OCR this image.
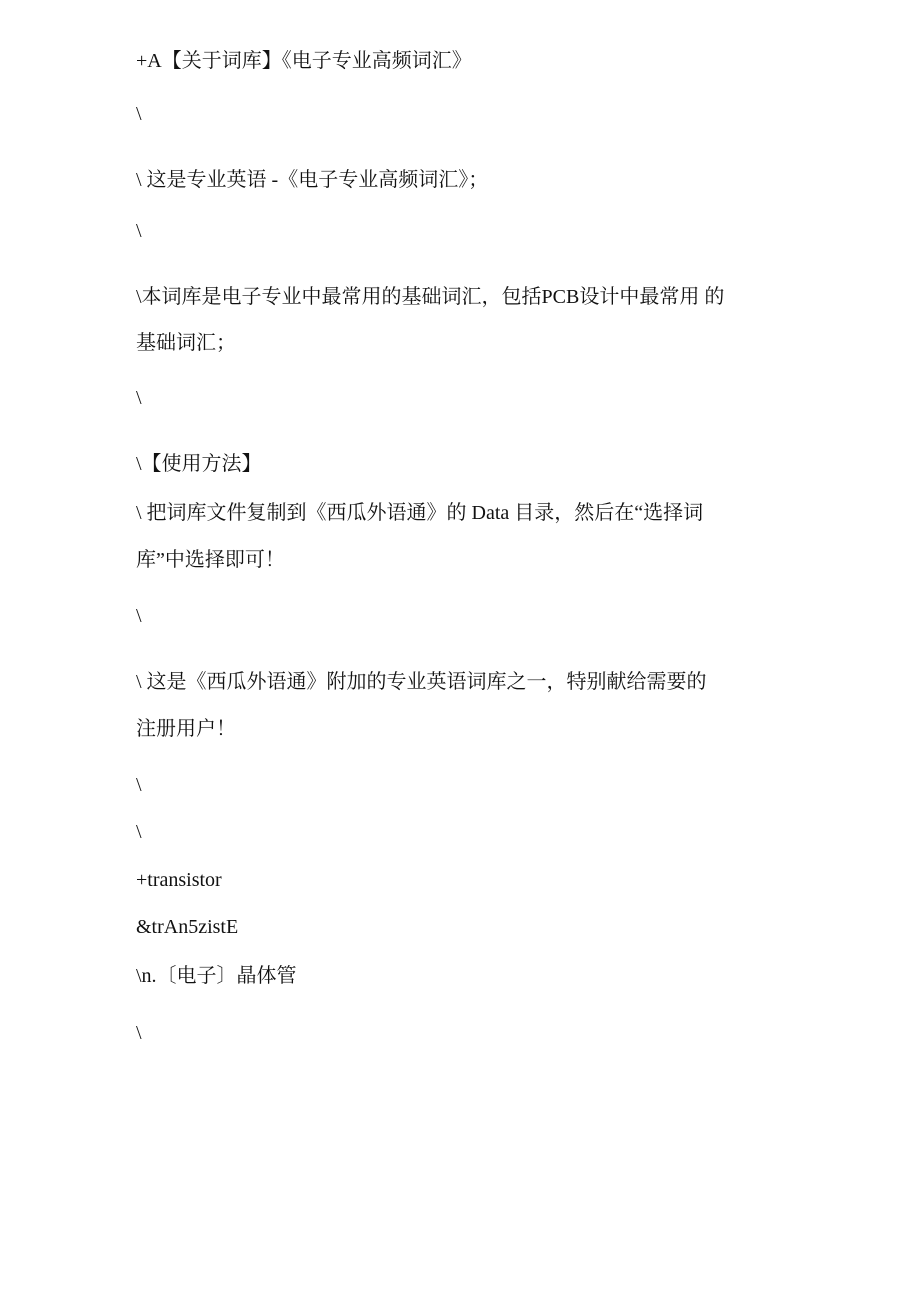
+A【关于词库】《电子专业高频词汇》

\

\ 这是专业英语 -《电子专业高频词汇》；

\

\本词库是电子专业中最常用的基础词汇，包括PCB设计中最常用 的

基础词汇；

\

\【使用方法】

\ 把词库文件复制到《西瓜外语通》的 Data 目录，然后在“选择词

库”中选择即可！

\

\ 这是《西瓜外语通》附加的专业英语词库之一，特别献给需要的

注册用户！

\

\

+transistor

&trAn5zistE

\n.〔电子〕晶体管

\
